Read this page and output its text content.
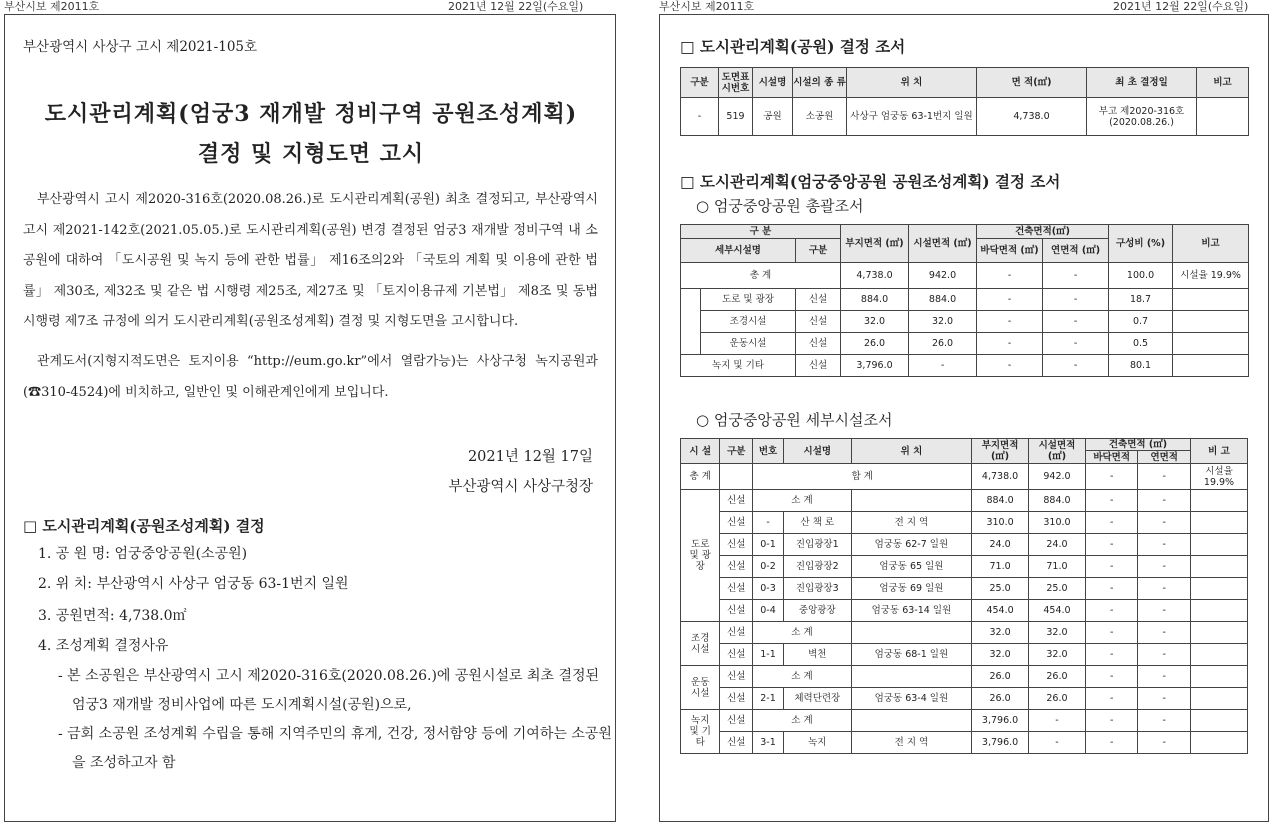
부산시보 제2011호	2021년 12월 22일(수요일)	부산시보 제2011호	2021년 12월 22일(수요일)
부산광역시 사상구 고시 제2021-105호
도시관리계획(엄궁3 재개발 정비구역 공원조성계획)
결정 및 지형도면 고시
부산광역시 고시 제2020-316호(2020.08.26.)로 도시관리계획(공원) 최초 결정되고, 부산광역시 고시 제2021-142호(2021.05.05.)로 도시관리계획(공원) 변경 결정된 엄궁3 재개발 정비구역 내 소공원에 대하여 「도시공원 및 녹지 등에 관한 법률」 제16조의2와 「국토의 계획 및 이용에 관한 법률」 제30조, 제32조 및 같은 법 시행령 제25조, 제27조 및 「토지이용규제 기본법」 제8조 및 동법 시행령 제7조 규정에 의거 도시관리계획(공원조성계획) 결정 및 지형도면을 고시합니다.
관계도서(지형지적도면은 토지이용 “http://eum.go.kr”에서 열람가능)는 사상구청 녹지공원과(☎310-4524)에 비치하고, 일반인 및 이해관계인에게 보입니다.
2021년 12월 17일
부산광역시 사상구청장
□ 도시관리계획(공원조성계획) 결정
1. 공 원 명: 엄궁중앙공원(소공원)
2. 위 치: 부산광역시 사상구 엄궁동 63-1번지 일원
3. 공원면적: 4,738.0㎡
4. 조성계획 결정사유
- 본 소공원은 부산광역시 고시 제2020-316호(2020.08.26.)에 공원시설로 최초 결정된 엄궁3 재개발 정비사업에 따른 도시계획시설(공원)으로,
- 금회 소공원 조성계획 수립을 통해 지역주민의 휴게, 건강, 정서함양 등에 기여하는 소공원을 조성하고자 함
□ 도시관리계획(공원) 결정 조서
구분	도면표시번호	시설명	시설의 종 류	위 치	면 적(㎡)	최 초 결정일	비고
-	519	공원	소공원	사상구 엄궁동 63-1번지 일원	4,738.0	부고 제2020-316호 (2020.08.26.)	
□ 도시관리계획(엄궁중앙공원 공원조성계획) 결정 조서
○ 엄궁중앙공원 총괄조서
구 분			부지면적 (㎡)	시설면적 (㎡)	건축면적(㎡)		구성비 (%)	비고
세부시설명		구분			바닥면적 (㎡)	연면적 (㎡)		
총 계			4,738.0	942.0	-	-	100.0	시설율 19.9%
	도로 및 광장	신설	884.0	884.0	-	-	18.7	
	조경시설	신설	32.0	32.0	-	-	0.7	
	운동시설	신설	26.0	26.0	-	-	0.5	
녹지 및 기타		신설	3,796.0	-	-	-	80.1	
○ 엄궁중앙공원 세부시설조서
시 설	구분	번호	시설명	위 치	부지면적 (㎡)	시설면적 (㎡)	건축면적 (㎡)		비 고
							바닥면적	연면적	
총 계		합 계			4,738.0	942.0	-	-	시설율 19.9%
도로 및 광장	신설	소 계			884.0	884.0	-	-	
	신설	-	산 책 로	전 지 역	310.0	310.0	-	-	
	신설	0-1	진입광장1	엄궁동 62-7 일원	24.0	24.0	-	-	
	신설	0-2	진입광장2	엄궁동 65 일원	71.0	71.0	-	-	
	신설	0-3	진입광장3	엄궁동 69 일원	25.0	25.0	-	-	
	신설	0-4	중앙광장	엄궁동 63-14 일원	454.0	454.0	-	-	
조경시설	신설	소 계			32.0	32.0	-	-	
	신설	1-1	벽천	엄궁동 68-1 일원	32.0	32.0	-	-	
운동시설	신설	소 계			26.0	26.0	-	-	
	신설	2-1	체력단련장	엄궁동 63-4 일원	26.0	26.0	-	-	
녹지 및 기타	신설	소 계			3,796.0	-	-	-	
	신설	3-1	녹지	전 지 역	3,796.0	-	-	-	
